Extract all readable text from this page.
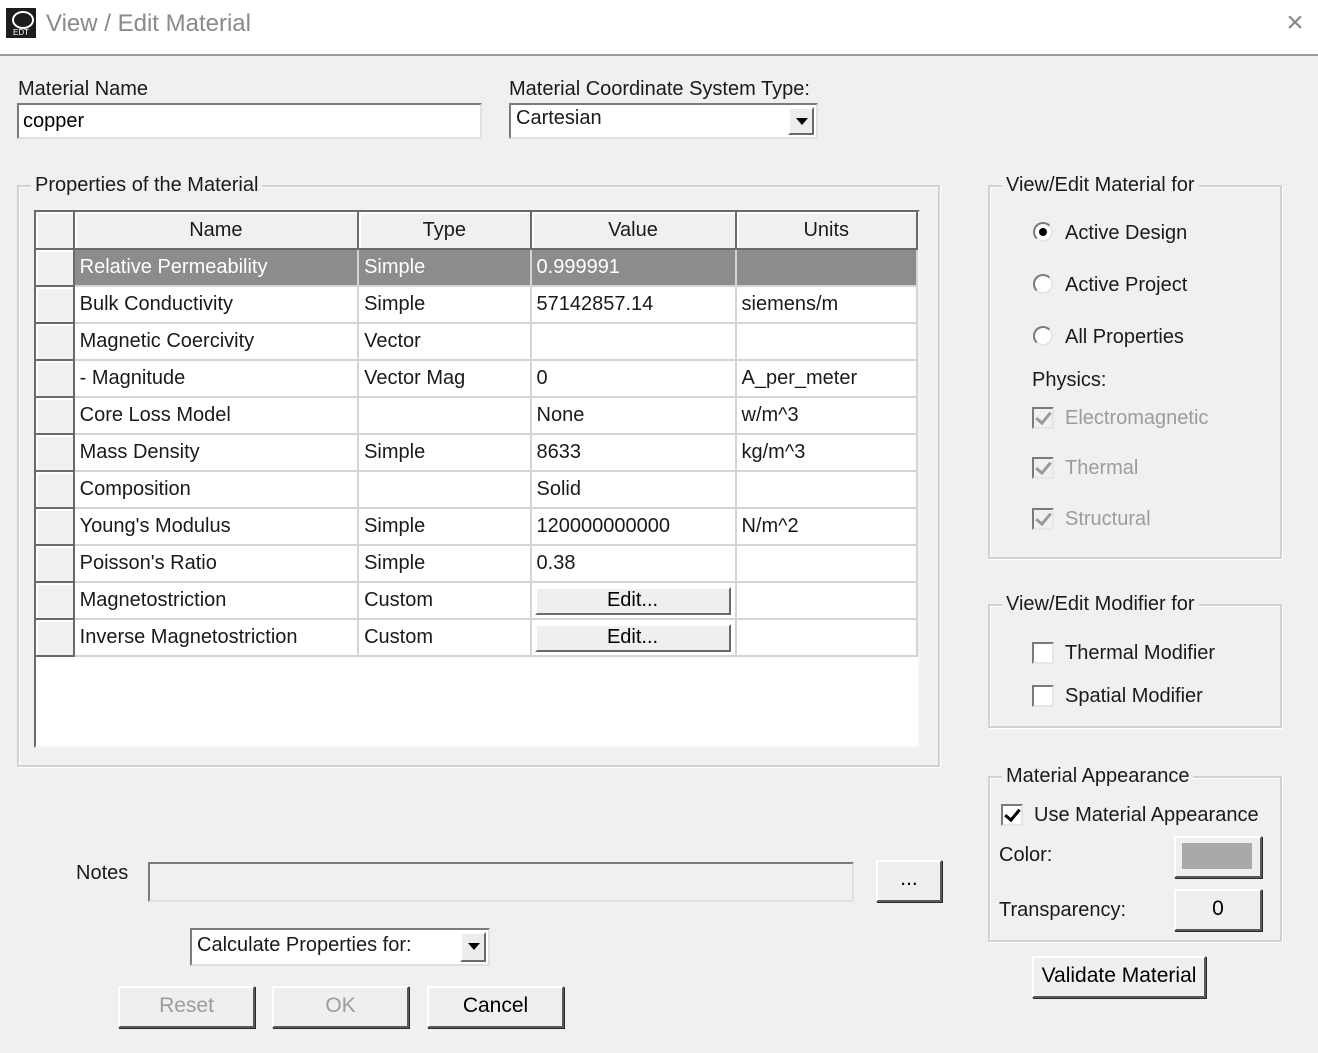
EDT View / Edit Material	×
Material Name
copper	Material Coordinate System Type:
Cartesian
Properties of the Material
	Name	Type	Value	Units
	Relative Permeability	Simple	0.999991	
	Bulk Conductivity	Simple	57142857.14	siemens/m
	Magnetic Coercivity	Vector		
	- Magnitude	Vector Mag	0	A_per_meter
	Core Loss Model		None	w/m^3
	Mass Density	Simple	8633	kg/m^3
	Composition		Solid	
	Young's Modulus	Simple	120000000000	N/m^2
	Poisson's Ratio	Simple	0.38	
	Magnetostriction	Custom	Edit...	

	Inverse Magnetostriction	Custom	Edit...	

View/Edit Material for
Active Design
Active Project
All Properties
Physics:
Electromagnetic
Thermal
Structural
View/Edit Modifier for
Thermal Modifier
Spatial Modifier
Material Appearance
Use Material Appearance
Color:
Transparency:	0
Validate Material
Notes	...
Calculate Properties for:
Reset	OK	Cancel
